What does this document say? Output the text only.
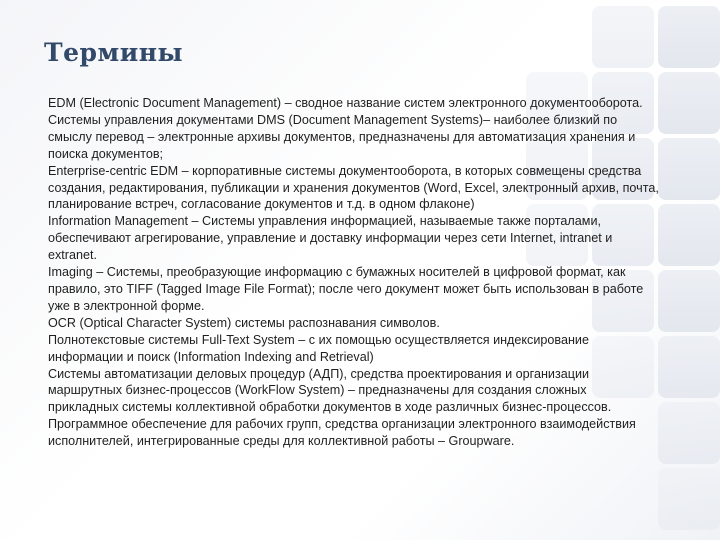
Термины

EDM (Electronic Document Management) – сводное название систем электронного документооборота.

Системы управления документами DMS (Document Management Systems)– наиболее близкий по смыслу перевод – электронные архивы документов, предназначены для автоматизация хранения и поиска документов;

Enterprise-centric EDM – корпоративные системы документооборота, в которых совмещены средства создания, редактирования, публикации и хранения документов (Word, Excel, электронный архив, почта, планирование встреч, согласование документов и т.д. в одном флаконе)

Information Management – Системы управления информацией, называемые также порталами, обеспечивают агрегирование, управление и доставку информации через сети Internet, intranet и extranet.

Imaging – Системы, преобразующие информацию с бумажных носителей в цифровой формат, как правило, это TIFF (Tagged Image File Format); после чего документ может быть использован в работе уже в электронной форме.

OCR (Optical Character System) системы распознавания символов.

Полнотекстовые системы Full-Text System – с их помощью осуществляется индексирование информации и поиск (Information Indexing and Retrieval)

Системы автоматизации деловых процедур (АДП), средства проектирования и организации маршрутных бизнес-процессов (WorkFlow System) – предназначены для создания сложных прикладных системы коллективной обработки документов в ходе различных бизнес-процессов.

Программное обеспечение для рабочих групп, средства организации электронного взаимодействия исполнителей, интегрированные среды для коллективной работы – Groupware.
